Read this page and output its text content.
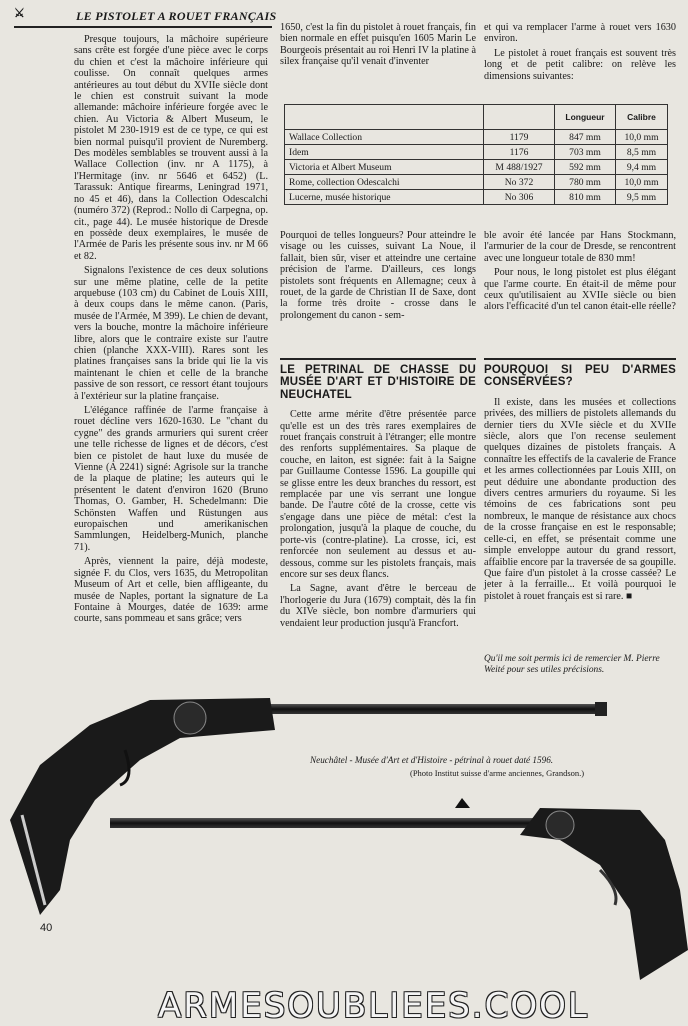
⚔	LE PISTOLET A ROUET FRANÇAIS

Presque toujours, la mâchoire supérieure sans crête est forgée d'une pièce avec le corps du chien et c'est la mâchoire inférieure qui coulisse. On connaît quelques armes antérieures au tout début du XVIIe siècle dont le chien est construit suivant la mode allemande: mâchoire inférieure forgée avec le chien. Au Victoria & Albert Museum, le pistolet M 230-1919 est de ce type, ce qui est bien normal puisqu'il provient de Nuremberg. Des modèles semblables se trouvent aussi à la Wallace Collection (inv. nr A 1175), à l'Hermitage (inv. nr 5646 et 6452) (L. Tarassuk: Antique firearms, Leningrad 1971, no 45 et 46), dans la Collection Odescalchi (numéro 372) (Reprod.: Nollo di Carpegna, op. cit., page 44). Le musée historique de Dresde en possède deux exemplaires, le musée de l'Armée de Paris les présente sous inv. nr M 66 et 82.

Signalons l'existence de ces deux solutions sur une même platine, celle de la petite arquebuse (103 cm) du Cabinet de Louis XIII, à deux coups dans le même canon. (Paris, musée de l'Armée, M 399). Le chien de devant, vers la bouche, montre la mâchoire inférieure libre, alors que le contraire existe sur l'autre chien (planche XXX-VIII). Rares sont les platines françaises sans la bride qui lie la vis maintenant le chien et celle de la branche passive de son ressort, ce ressort étant toujours à l'extérieur sur la platine française.

L'élégance raffinée de l'arme française à rouet décline vers 1620-1630. Le "chant du cygne" des grands armuriers qui surent créer une telle richesse de lignes et de décors, c'est bien ce pistolet de haut luxe du musée de Vienne (A 2241) signé: Agrisole sur la tranche de la plaque de platine; les auteurs qui le présentent le datent d'environ 1620 (Bruno Thomas, O. Gamber, H. Schedelmann: Die Schönsten Waffen und Rüstungen aus europaischen und amerikanischen Sammlungen, Heidelberg-Munich, planche 71).

Après, viennent la paire, déjà modeste, signée F. du Clos, vers 1635, du Metropolitan Museum of Art et celle, bien affligeante, du musée de Naples, portant la signature de La Fontaine à Mourges, datée de 1639: arme courte, sans pommeau et sans grâce; vers

1650, c'est la fin du pistolet à rouet français, fin bien normale en effet puisqu'en 1605 Marin Le Bourgeois présentait au roi Henri IV la platine à silex française qu'il venait d'inventer

et qui va remplacer l'arme à rouet vers 1630 environ.

Le pistolet à rouet français est souvent très long et de petit calibre: on relève les dimensions suivantes:

		Longueur	Calibre
Wallace Collection	1179	847 mm	10,0 mm
Idem	1176	703 mm	8,5 mm
Victoria et Albert Museum	M 488/1927	592 mm	9,4 mm
Rome, collection Odescalchi	No 372	780 mm	10,0 mm
Lucerne, musée historique	No 306	810 mm	9,5 mm

Pourquoi de telles longueurs? Pour atteindre le visage ou les cuisses, suivant La Noue, il fallait, bien sûr, viser et atteindre une certaine précision de l'arme. D'ailleurs, ces longs pistolets sont fréquents en Allemagne; ceux à rouet, de la garde de Christian II de Saxe, dont la forme très droite - crosse dans le prolongement du canon - sem-

ble avoir été lancée par Hans Stockmann, l'armurier de la cour de Dresde, se rencontrent avec une longueur totale de 830 mm!

Pour nous, le long pistolet est plus élégant que l'arme courte. En était-il de même pour ceux qu'utilisaient au XVIIe siècle ou bien alors l'efficacité d'un tel canon était-elle réelle?

LE PETRINAL DE CHASSE DU MUSÉE D'ART ET D'HISTOIRE DE NEUCHATEL

Cette arme mérite d'être présentée parce qu'elle est un des très rares exemplaires de rouet français construit à l'étranger; elle montre des renforts supplémentaires. Sa plaque de couche, en laiton, est signée: fait à la Saigne par Guillaume Contesse 1596. La goupille qui se glisse entre les deux branches du ressort, est remplacée par une vis serrant une longue bande. De l'autre côté de la crosse, cette vis s'engage dans une pièce de métal: c'est la prolongation, jusqu'à la plaque de couche, du porte-vis (contre-platine). La crosse, ici, est renforcée non seulement au dessus et au-dessous, comme sur les pistolets français, mais encore sur ses deux flancs.

La Sagne, avant d'être le berceau de l'horlogerie du Jura (1679) comptait, dès la fin du XIVe siècle, bon nombre d'armuriers qui vendaient leur production jusqu'à Francfort.

POURQUOI SI PEU D'ARMES CONSERVÉES?

Il existe, dans les musées et collections privées, des milliers de pistolets allemands du dernier tiers du XVIe siècle et du XVIIe siècle, alors que l'on recense seulement quelques dizaines de pistolets français. A connaître les effectifs de la cavalerie de France et les armes collectionnées par Louis XIII, on peut déduire une abondante production des divers centres armuriers du royaume. Si les témoins de ces fabrications sont peu nombreux, le manque de résistance aux chocs de la crosse française en est le responsable; celle-ci, en effet, se présentait comme une simple enveloppe autour du grand ressort, affaiblie encore par la traversée de sa goupille. Que faire d'un pistolet à la crosse cassée? Le jeter à la ferraille... Et voilà pourquoi le pistolet à rouet français est si rare. ■

Qu'il me soit permis ici de remercier M. Pierre Weité pour ses utiles précisions.
Neuchâtel - Musée d'Art et d'Histoire - pétrinal à rouet daté 1596.
(Photo Institut suisse d'arme anciennes, Grandson.)
40
ARMESOUBLIEES.COOL
